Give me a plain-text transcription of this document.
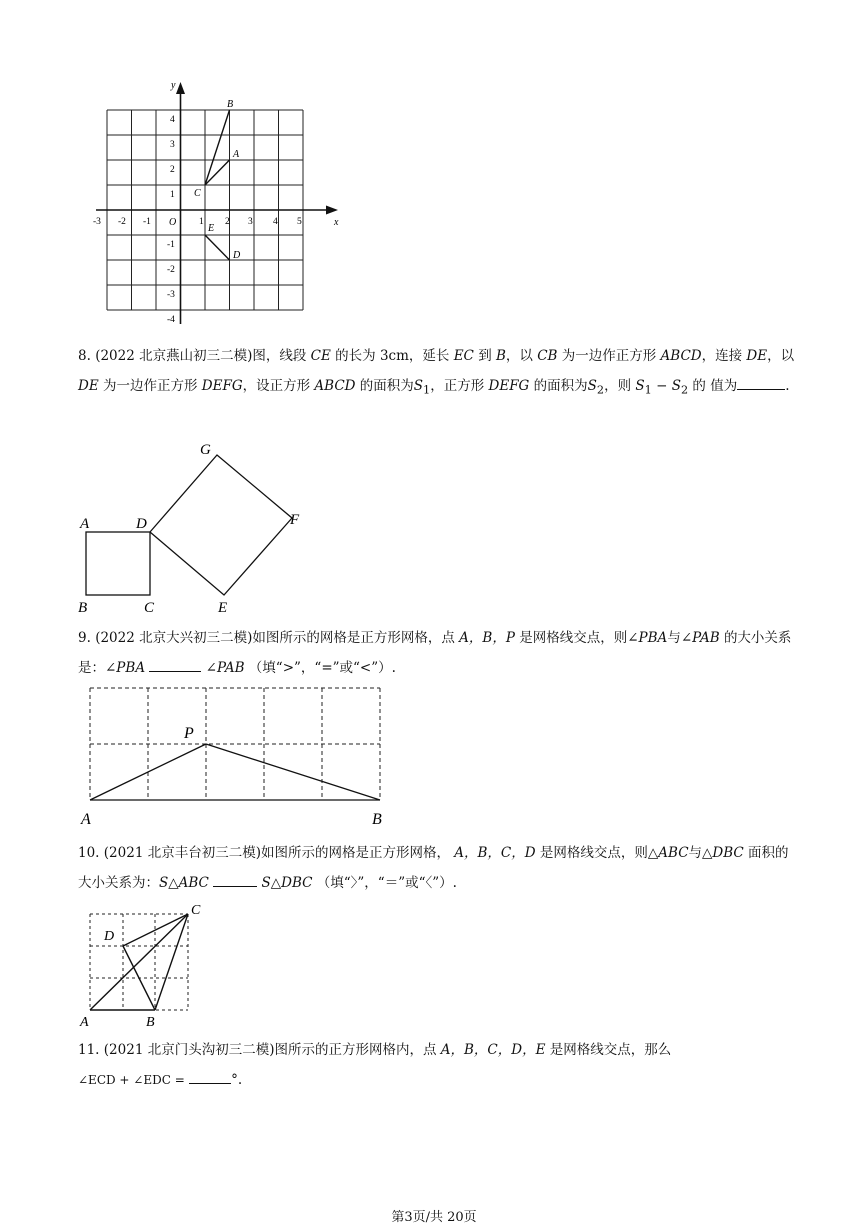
x
y
O
-3 -2 -1	1 2 3 4 5
4
3
2
1
-1
-2
-3
-4
B
A
C
E
D
8. (2022 北京燕山初三二模)图，线段 CE 的长为 3cm，延长 EC 到 B，以 CB 为一边作正方形 ABCD，连接 DE，以 DE 为一边作正方形 DEFG，设正方形 ABCD 的面积为$S_1$，正方形 DEFG 的面积为$S_2$，则 $S_1 - S_2$ 的 值为	.
A	D
B	C	E
F
G
9. (2022 北京大兴初三二模)如图所示的网格是正方形网格，点 A，B，P 是网格线交点，则∠PBA与∠PAB 的大小关系是：∠PBA	∠PAB （填“>”，“=”或“<”）.
A	B
P
10. (2021 北京丰台初三二模)如图所示的网格是正方形网格， A，B，C，D 是网格线交点，则△ABC与△DBC 面积的大小关系为：S△ABC	S△DBC （填“〉”，“＝”或“〈”）.
A	B
C
D
11. (2021 北京门头沟初三二模)图所示的正方形网格内，点 A，B，C，D，E 是网格线交点，那么
∠ECD + ∠EDC =	°.
第3页/共 20页
